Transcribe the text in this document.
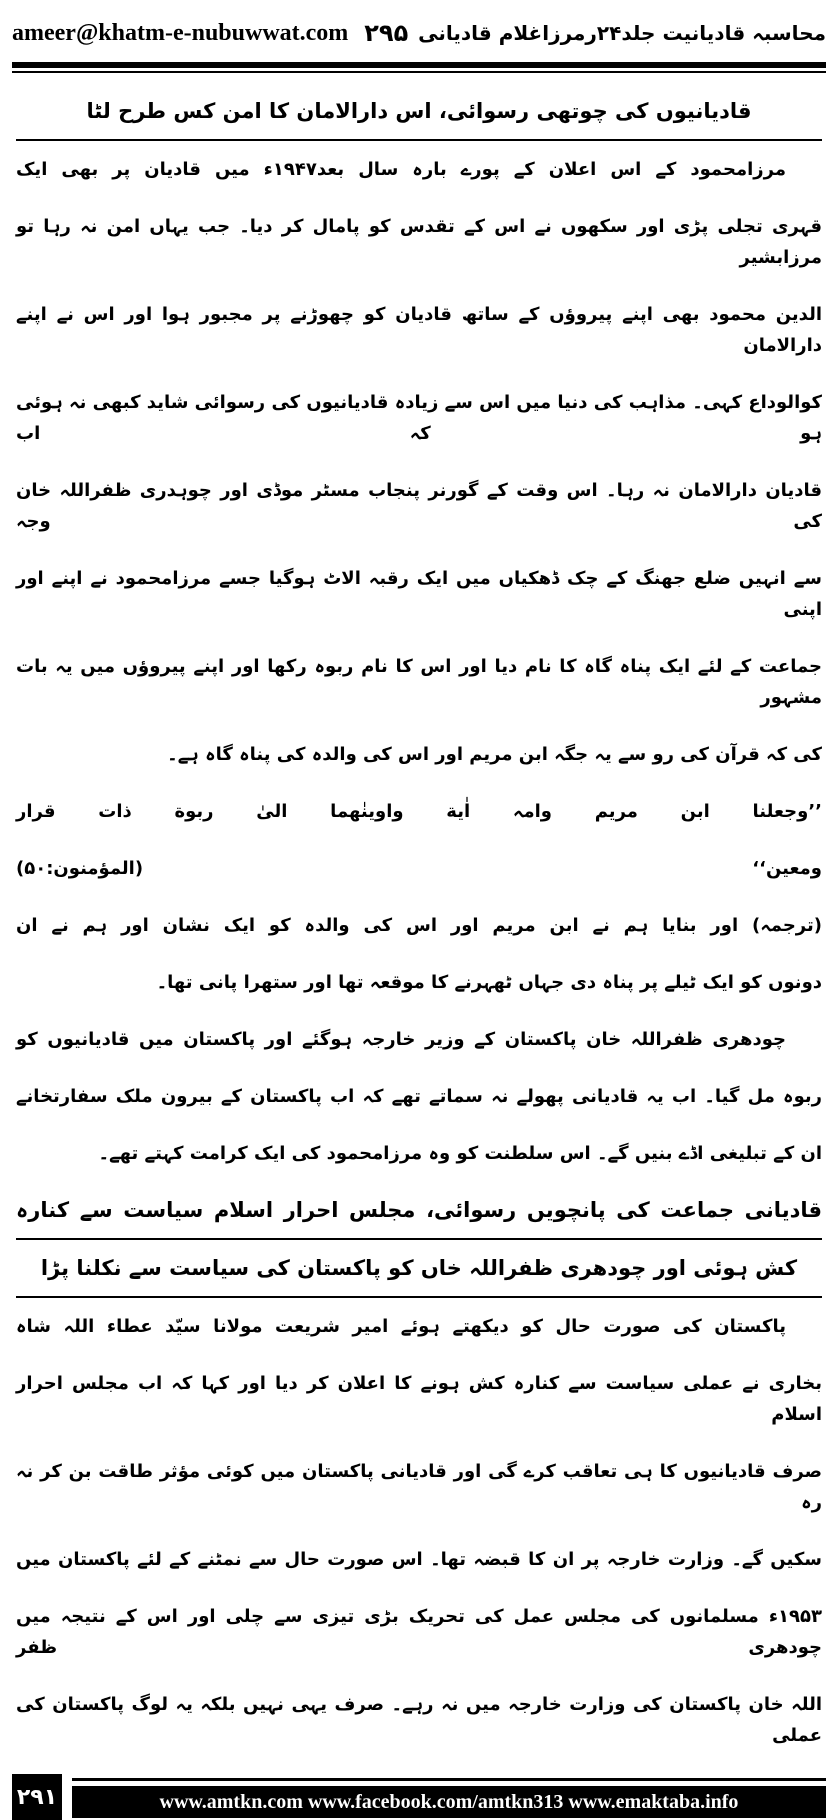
ameer@khatm-e-nubuwwat.com ۲۹۵ محاسبہ قادیانیت جلد۲۴رمرزاغلام قادیانی
قادیانیوں کی چوتھی رسوائی، اس دارالامان کا امن کس طرح لٹا
مرزامحمود کے اس اعلان کے پورے بارہ سال بعد۱۹۴۷ء میں قادیان پر بھی ایک
قہری تجلی پڑی اور سکھوں نے اس کے تقدس کو پامال کر دیا۔ جب یہاں امن نہ رہا تو مرزابشیر
الدین محمود بھی اپنے پیروؤں کے ساتھ قادیان کو چھوڑنے پر مجبور ہوا اور اس نے اپنے دارالامان
کوالوداع کہی۔ مذاہب کی دنیا میں اس سے زیادہ قادیانیوں کی رسوائی شاید کبھی نہ ہوئی ہو کہ اب
قادیان دارالامان نہ رہا۔ اس وقت کے گورنر پنجاب مسٹر موڈی اور چوہدری ظفراللہ خان کی وجہ
سے انہیں ضلع جھنگ کے چک ڈھکیاں میں ایک رقبہ الاٹ ہوگیا جسے مرزامحمود نے اپنے اور اپنی
جماعت کے لئے ایک پناہ گاہ کا نام دیا اور اس کا نام ربوہ رکھا اور اپنے پیروؤں میں یہ بات مشہور
کی کہ قرآن کی رو سے یہ جگہ ابن مریم اور اس کی والدہ کی پناہ گاہ ہے۔
’’وجعلنا ابن مریم وامہ اٰیة واوینٰھما الیٰ ربوة ذات قرار
ومعین‘‘
(المؤمنون:۵۰)
(ترجمہ) اور بنایا ہم نے ابن مریم اور اس کی والدہ کو ایک نشان اور ہم نے ان
دونوں کو ایک ٹیلے پر پناہ دی جہاں ٹھہرنے کا موقعہ تھا اور ستھرا پانی تھا۔
چودھری ظفراللہ خان پاکستان کے وزیر خارجہ ہوگئے اور پاکستان میں قادیانیوں کو
ربوہ مل گیا۔ اب یہ قادیانی پھولے نہ سماتے تھے کہ اب پاکستان کے بیرون ملک سفارتخانے
ان کے تبلیغی اڈے بنیں گے۔ اس سلطنت کو وہ مرزامحمود کی ایک کرامت کہتے تھے۔
قادیانی جماعت کی پانچویں رسوائی، مجلس احرار اسلام سیاست سے کنارہ
کش ہوئی اور چودھری ظفراللہ خاں کو پاکستان کی سیاست سے نکلنا پڑا
پاکستان کی صورت حال کو دیکھتے ہوئے امیر شریعت مولانا سیّد عطاء اللہ شاہ
بخاری نے عملی سیاست سے کنارہ کش ہونے کا اعلان کر دیا اور کہا کہ اب مجلس احرار اسلام
صرف قادیانیوں کا ہی تعاقب کرے گی اور قادیانی پاکستان میں کوئی مؤثر طاقت بن کر نہ رہ
سکیں گے۔ وزارت خارجہ پر ان کا قبضہ تھا۔ اس صورت حال سے نمٹنے کے لئے پاکستان میں
۱۹۵۳ء مسلمانوں کی مجلس عمل کی تحریک بڑی تیزی سے چلی اور اس کے نتیجہ میں چودھری ظفر
اللہ خان پاکستان کی وزارت خارجہ میں نہ رہے۔ صرف یہی نہیں بلکہ یہ لوگ پاکستان کی عملی
۲۹۱	www.amtkn.com www.facebook.com/amtkn313 www.emaktaba.info
